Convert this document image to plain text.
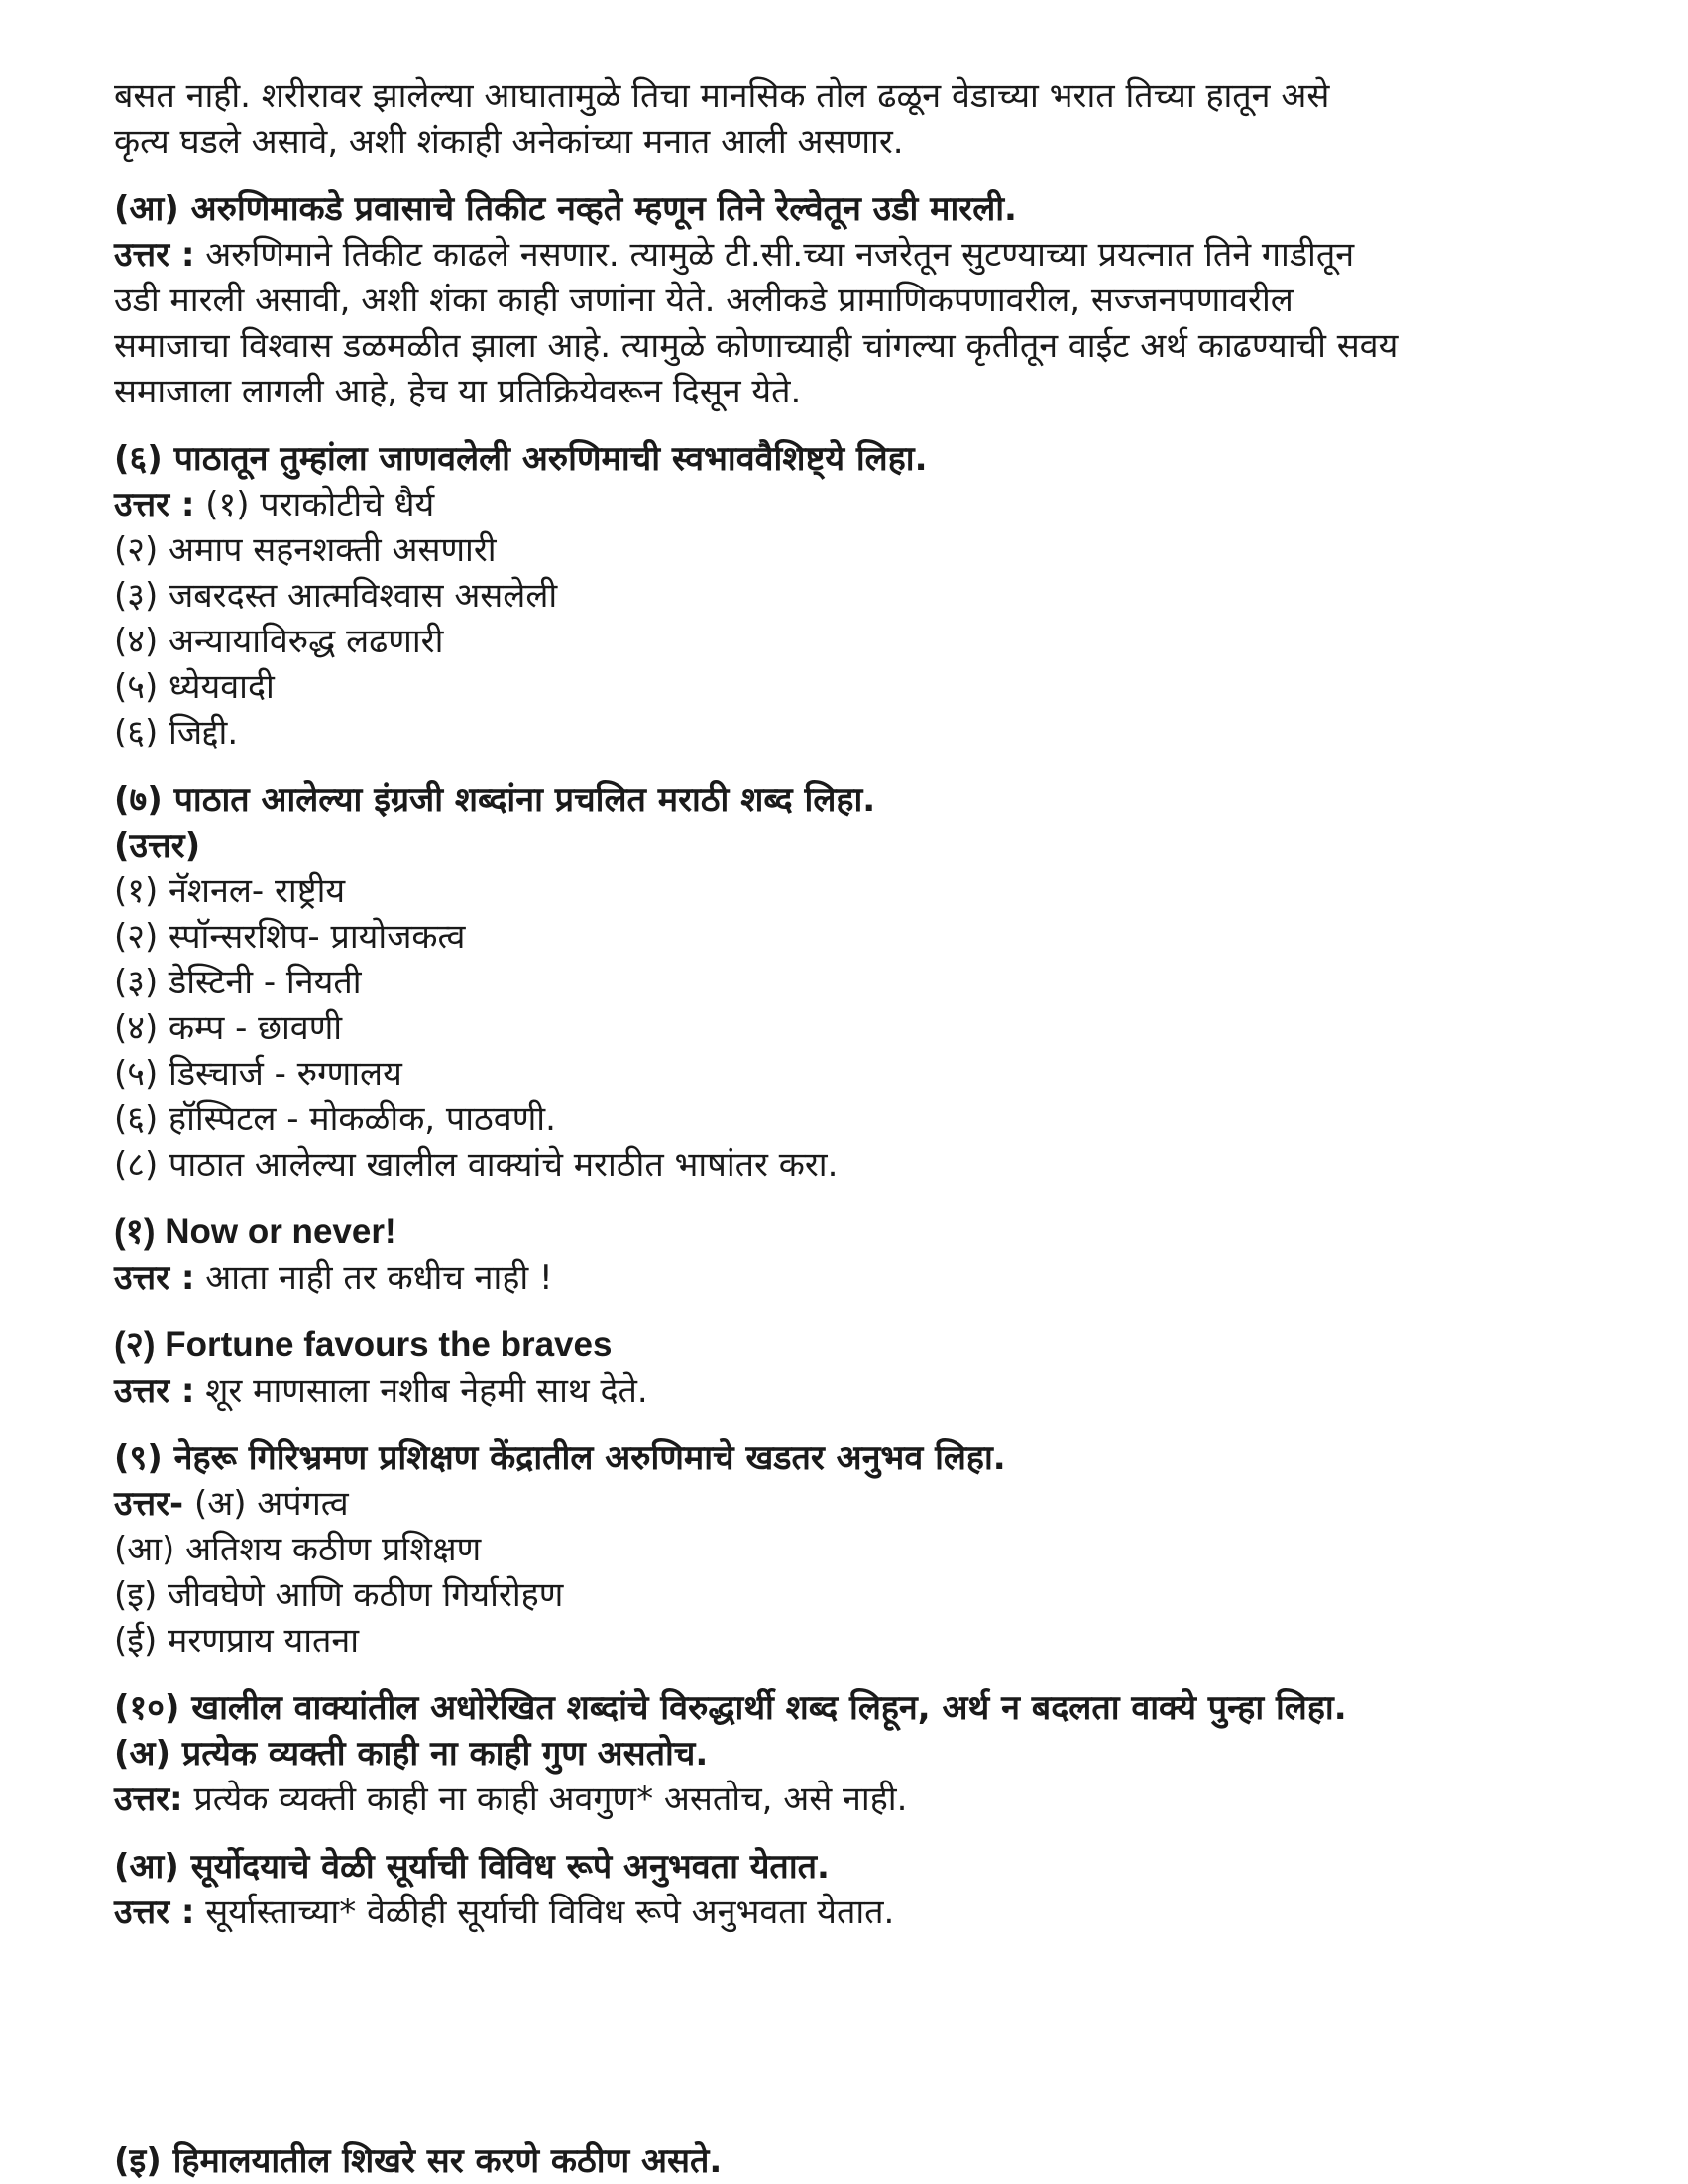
बसत नाही. शरीरावर झालेल्या आघातामुळे तिचा मानसिक तोल ढळून वेडाच्या भरात तिच्या हातून असे
कृत्य घडले असावे, अशी शंकाही अनेकांच्या मनात आली असणार.
(आ) अरुणिमाकडे प्रवासाचे तिकीट नव्हते म्हणून तिने रेल्वेतून उडी मारली.
उत्तर : अरुणिमाने तिकीट काढले नसणार. त्यामुळे टी.सी.च्या नजरेतून सुटण्याच्या प्रयत्नात तिने गाडीतून
उडी मारली असावी, अशी शंका काही जणांना येते. अलीकडे प्रामाणिकपणावरील, सज्जनपणावरील
समाजाचा विश्वास डळमळीत झाला आहे. त्यामुळे कोणाच्याही चांगल्या कृतीतून वाईट अर्थ काढण्याची सवय
समाजाला लागली आहे, हेच या प्रतिक्रियेवरून दिसून येते.
(६) पाठातून तुम्हांला जाणवलेली अरुणिमाची स्वभाववैशिष्ट्ये लिहा.
उत्तर : (१) पराकोटीचे धैर्य
(२) अमाप सहनशक्ती असणारी
(३) जबरदस्त आत्मविश्वास असलेली
(४) अन्यायाविरुद्ध लढणारी
(५) ध्येयवादी
(६) जिद्दी.
(७) पाठात आलेल्या इंग्रजी शब्दांना प्रचलित मराठी शब्द लिहा.
(उत्तर)
(१) नॅशनल- राष्ट्रीय
(२) स्पॉन्सरशिप- प्रायोजकत्व
(३) डेस्टिनी - नियती
(४) कम्प - छावणी
(५) डिस्चार्ज - रुग्णालय
(६) हॉस्पिटल - मोकळीक, पाठवणी.
(८) पाठात आलेल्या खालील वाक्यांचे मराठीत भाषांतर करा.
(१) Now or never!
उत्तर : आता नाही तर कधीच नाही !
(२) Fortune favours the braves
उत्तर : शूर माणसाला नशीब नेहमी साथ देते.
(९) नेहरू गिरिभ्रमण प्रशिक्षण केंद्रातील अरुणिमाचे खडतर अनुभव लिहा.
उत्तर- (अ) अपंगत्व
(आ) अतिशय कठीण प्रशिक्षण
(इ) जीवघेणे आणि कठीण गिर्यारोहण
(ई) मरणप्राय यातना
(१०) खालील वाक्यांतील अधोरेखित शब्दांचे विरुद्धार्थी शब्द लिहून, अर्थ न बदलता वाक्ये पुन्हा लिहा.
(अ) प्रत्येक व्यक्ती काही ना काही गुण असतोच.
उत्तर: प्रत्येक व्यक्ती काही ना काही अवगुण* असतोच, असे नाही.
(आ) सूर्योदयाचे वेळी सूर्याची विविध रूपे अनुभवता येतात.
उत्तर : सूर्यास्ताच्या* वेळीही सूर्याची विविध रूपे अनुभवता येतात.
(इ) हिमालयातील शिखरे सर करणे कठीण असते.
